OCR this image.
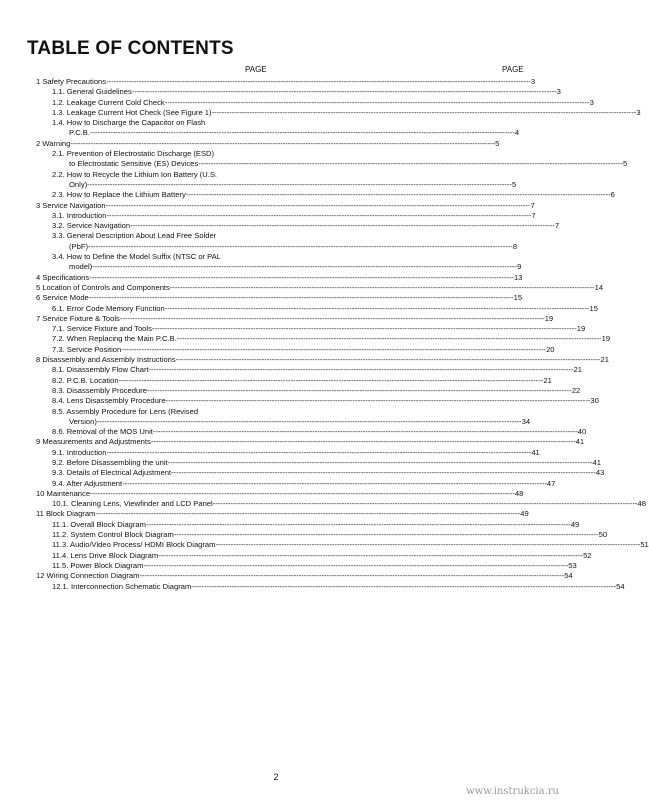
TABLE OF CONTENTS
PAGE	PAGE
1 Safety Precautions -----	3
1.1. General Guidelines -----	3
1.2. Leakage Current Cold Check -----	3
1.3. Leakage Current Hot Check (See Figure 1) -----	3
1.4. How to Discharge the Capacitor on Flash
P.C.B. -----	4
2 Warning -----	5
2.1. Prevention of Electrostatic Discharge (ESD)
to Electrostatic Sensitive (ES) Devices -----	5
2.2. How to Recycle the Lithium Ion Battery (U.S.
Only) -----	5
2.3. How to Replace the Lithium Battery -----	6
3 Service Navigation -----	7
3.1. Introduction -----	7
3.2. Service Navigation -----	7
3.3. General Description About Lead Free Solder
(PbF) -----	8
3.4. How to Define the Model Suffix (NTSC or PAL
model) -----	9
4 Specifications -----	13
5 Location of Controls and Components -----	14
6 Service Mode -----	15
6.1. Error Code Memory Function -----	15
7 Service Fixture & Tools -----	19
7.1. Service Fixture and Tools -----	19
7.2. When Replacing the Main P.C.B. -----	19
7.3. Service Position -----	20
8 Disassembly and Assembly Instructions -----	21
8.1. Disassembly Flow Chart -----	21
8.2. P.C.B. Location -----	21
8.3. Disassembly Procedure -----	22
8.4. Lens Disassembly Procedure -----	30
8.5. Assembly Procedure for Lens (Revised
Version) -----	34
8.6. Removal of the MOS Unit -----	40
9 Measurements and Adjustments -----	41
9.1. Introduction -----	41
9.2. Before Disassembling the unit -----	41
9.3. Details of Electrical Adjustment -----	43
9.4. After Adjustment -----	47
10 Maintenance -----	48
10.1. Cleaning Lens, Viewfinder and LCD Panel -----	48
11 Block Diagram -----	49
11.1. Overall Block Diagram -----	49
11.2. System Control Block Diagram -----	50
11.3. Audio/Video Process/ HDMI Block Diagram -----	51
11.4. Lens Drive Block Diagram -----	52
11.5. Power Block Diagram -----	53
12 Wiring Connection Diagram -----	54
12.1. Interconnection Schematic Diagram -----	54
2
www.instrukcia.ru
